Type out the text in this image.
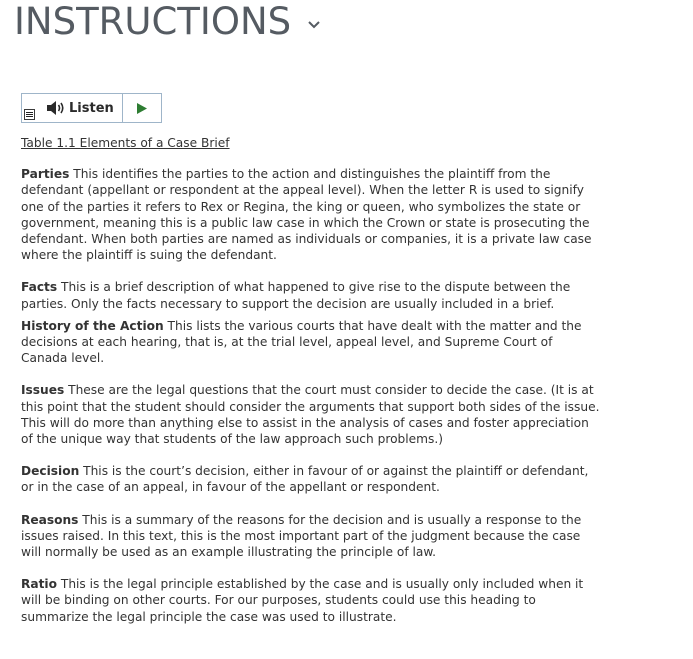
INSTRUCTIONS
Listen
Table 1.1 Elements of a Case Brief

Parties This identifies the parties to the action and distinguishes the plaintiff from the defendant (appellant or respondent at the appeal level). When the letter R is used to signify one of the parties it refers to Rex or Regina, the king or queen, who symbolizes the state or government, meaning this is a public law case in which the Crown or state is prosecuting the defendant. When both parties are named as individuals or companies, it is a private law case where the plaintiff is suing the defendant.

Facts This is a brief description of what happened to give rise to the dispute between the parties. Only the facts necessary to support the decision are usually included in a brief.

History of the Action This lists the various courts that have dealt with the matter and the decisions at each hearing, that is, at the trial level, appeal level, and Supreme Court of Canada level.

Issues These are the legal questions that the court must consider to decide the case. (It is at this point that the student should consider the arguments that support both sides of the issue. This will do more than anything else to assist in the analysis of cases and foster appreciation of the unique way that students of the law approach such problems.)

Decision This is the court’s decision, either in favour of or against the plaintiff or defendant, or in the case of an appeal, in favour of the appellant or respondent.

Reasons This is a summary of the reasons for the decision and is usually a response to the issues raised. In this text, this is the most important part of the judgment because the case will normally be used as an example illustrating the principle of law.

Ratio This is the legal principle established by the case and is usually only included when it will be binding on other courts. For our purposes, students could use this heading to summarize the legal principle the case was used to illustrate.
